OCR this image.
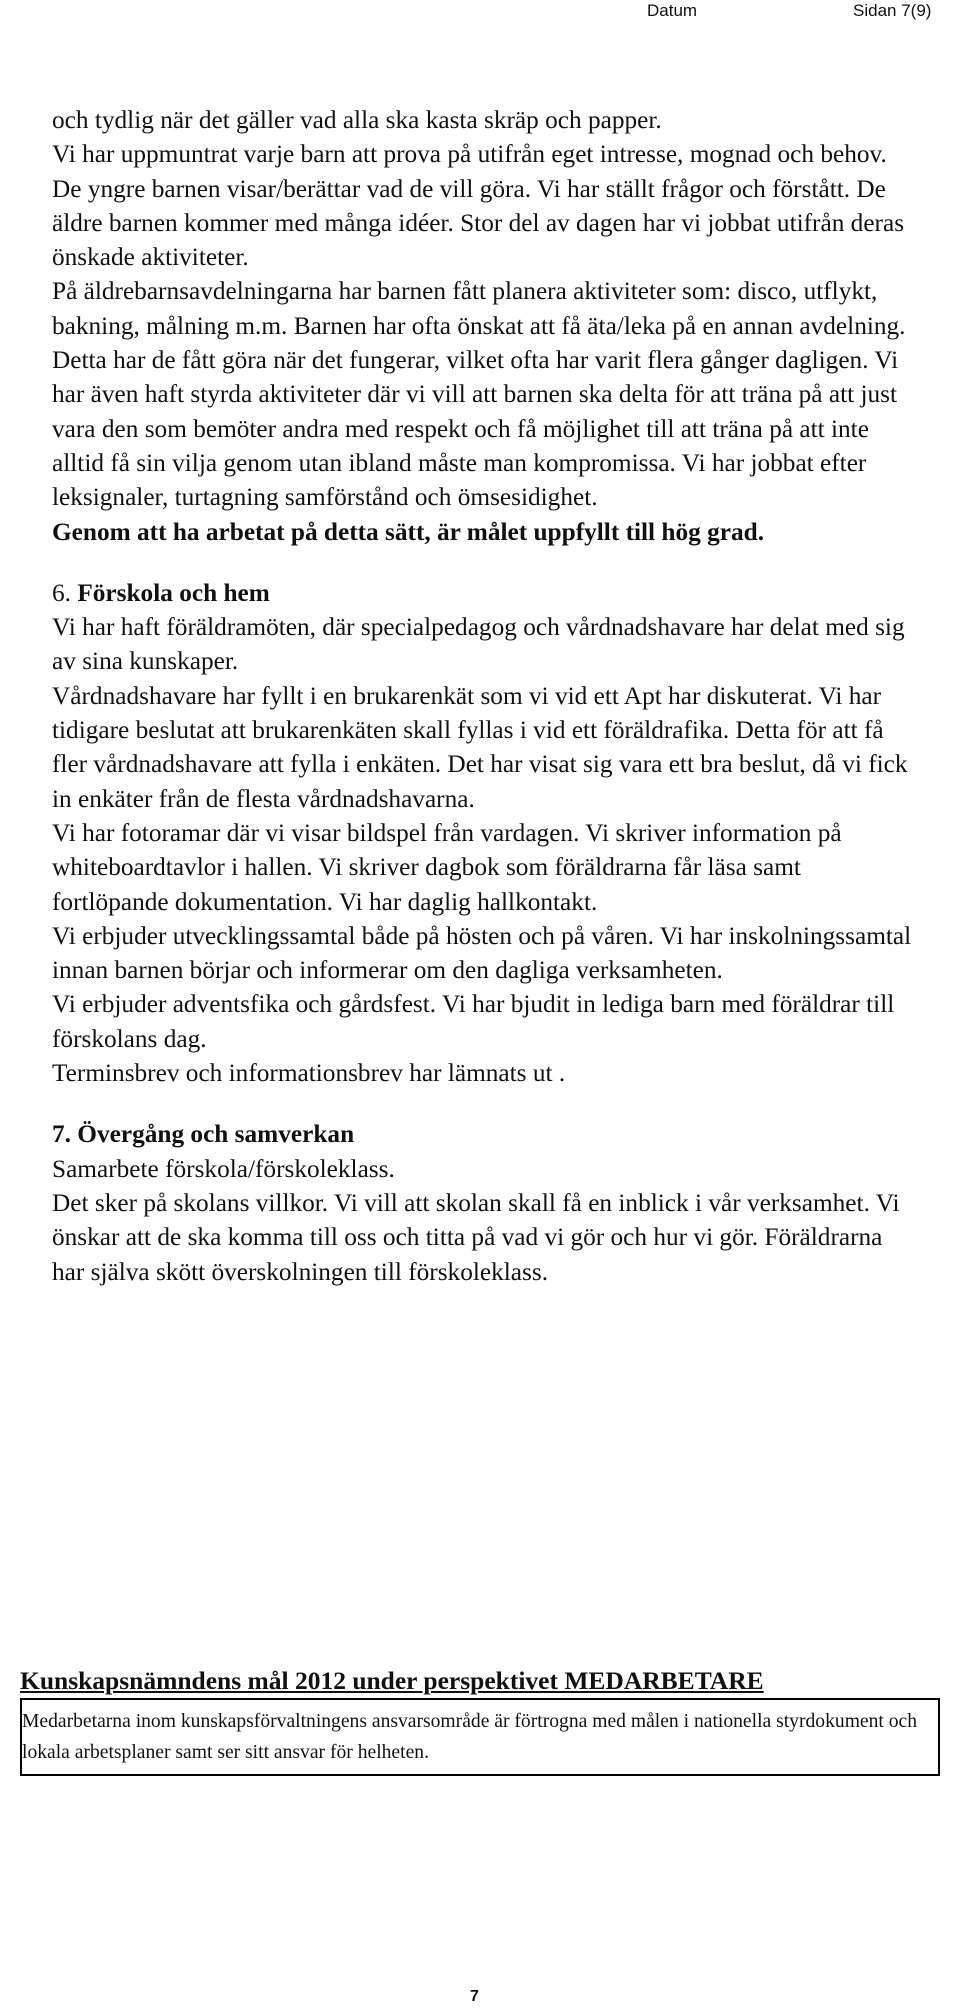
Datum	Sidan 7(9)

och tydlig när det gäller vad alla ska kasta skräp och papper.

Vi har uppmuntrat varje barn att prova på utifrån eget intresse, mognad och behov. De yngre barnen visar/berättar vad de vill göra. Vi har ställt frågor och förstått. De äldre barnen kommer med många idéer. Stor del av dagen har vi jobbat utifrån deras önskade aktiviteter.

På äldrebarnsavdelningarna har barnen fått planera aktiviteter som: disco, utflykt, bakning, målning m.m. Barnen har ofta önskat att få äta/leka på en annan avdelning. Detta har de fått göra när det fungerar, vilket ofta har varit flera gånger dagligen. Vi har även haft styrda aktiviteter där vi vill att barnen ska delta för att träna på att just vara den som bemöter andra med respekt och få möjlighet till att träna på att inte alltid få sin vilja genom utan ibland måste man kompromissa. Vi har jobbat efter leksignaler, turtagning samförstånd och ömsesidighet.

Genom att ha arbetat på detta sätt, är målet uppfyllt till hög grad.

6. Förskola och hem

Vi har haft föräldramöten, där specialpedagog och vårdnadshavare har delat med sig av sina kunskaper.

Vårdnadshavare har fyllt i en brukarenkät som vi vid ett Apt har diskuterat. Vi har tidigare beslutat att brukarenkäten skall fyllas i vid ett föräldrafika. Detta för att få fler vårdnadshavare att fylla i enkäten. Det har visat sig vara ett bra beslut, då vi fick in enkäter från de flesta vårdnadshavarna.

Vi har fotoramar där vi visar bildspel från vardagen. Vi skriver information på whiteboardtavlor i hallen. Vi skriver dagbok som föräldrarna får läsa samt fortlöpande dokumentation. Vi har daglig hallkontakt.

Vi erbjuder utvecklingssamtal både på hösten och på våren. Vi har inskolningssamtal innan barnen börjar och informerar om den dagliga verksamheten.

Vi erbjuder adventsfika och gårdsfest. Vi har bjudit in lediga barn med föräldrar till förskolans dag.

Terminsbrev och informationsbrev har lämnats ut .

7. Övergång och samverkan

Samarbete förskola/förskoleklass.

Det sker på skolans villkor. Vi vill att skolan skall få en inblick i vår verksamhet. Vi önskar att de ska komma till oss och titta på vad vi gör och hur vi gör. Föräldrarna har själva skött överskolningen till förskoleklass.

Kunskapsnämndens mål 2012 under perspektivet MEDARBETARE
Medarbetarna inom kunskapsförvaltningens ansvarsområde är förtrogna med målen i nationella styrdokument och lokala arbetsplaner samt ser sitt ansvar för helheten.
7
